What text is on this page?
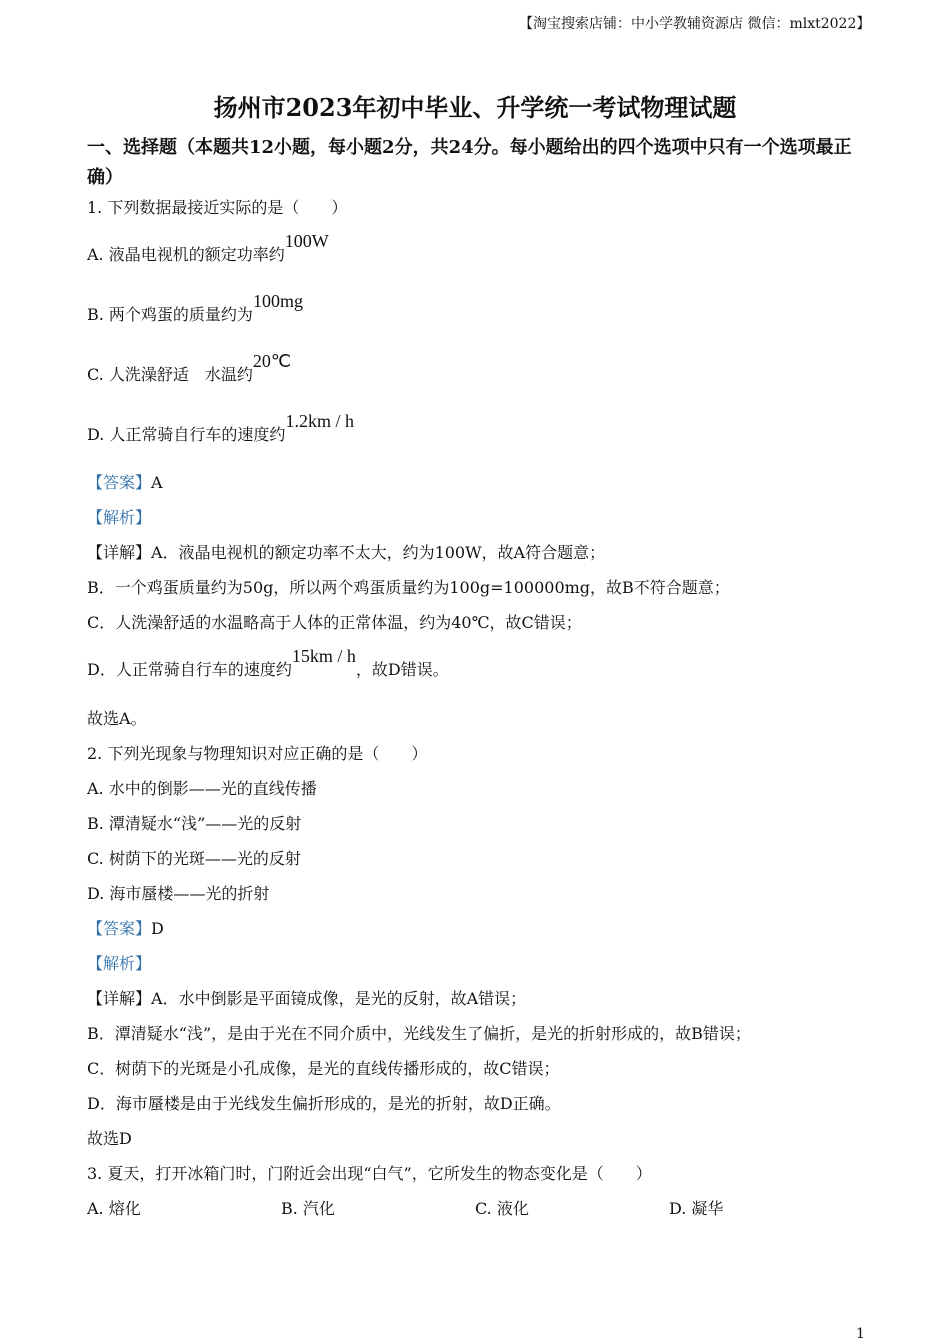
【淘宝搜索店铺：中小学教辅资源店 微信：mlxt2022】
扬州市2023年初中毕业、升学统一考试物理试题
一、选择题（本题共12小题，每小题2分，共24分。每小题给出的四个选项中只有一个选项最正确）
1. 下列数据最接近实际的是（　　）
A. 液晶电视机的额定功率约100W
B. 两个鸡蛋的质量约为100mg
C. 人洗澡舒适　水温约20℃
D. 人正常骑自行车的速度约1.2km / h
【答案】A
【解析】
【详解】A．液晶电视机的额定功率不太大，约为100W，故A符合题意；
B．一个鸡蛋质量约为50g，所以两个鸡蛋质量约为100g=100000mg，故B不符合题意；
C．人洗澡舒适的水温略高于人体的正常体温，约为40℃，故C错误；
D．人正常骑自行车的速度约15km / h，故D错误。
故选A。
2. 下列光现象与物理知识对应正确的是（　　）
A. 水中的倒影——光的直线传播
B. 潭清疑水“浅”——光的反射
C. 树荫下的光斑——光的反射
D. 海市蜃楼——光的折射
【答案】D
【解析】
【详解】A．水中倒影是平面镜成像，是光的反射，故A错误；
B．潭清疑水“浅”，是由于光在不同介质中，光线发生了偏折，是光的折射形成的，故B错误；
C．树荫下的光斑是小孔成像，是光的直线传播形成的，故C错误；
D．海市蜃楼是由于光线发生偏折形成的，是光的折射，故D正确。
故选D
3. 夏天，打开冰箱门时，门附近会出现“白气”，它所发生的物态变化是（　　）
A. 熔化	B. 汽化	C. 液化	D. 凝华
1
